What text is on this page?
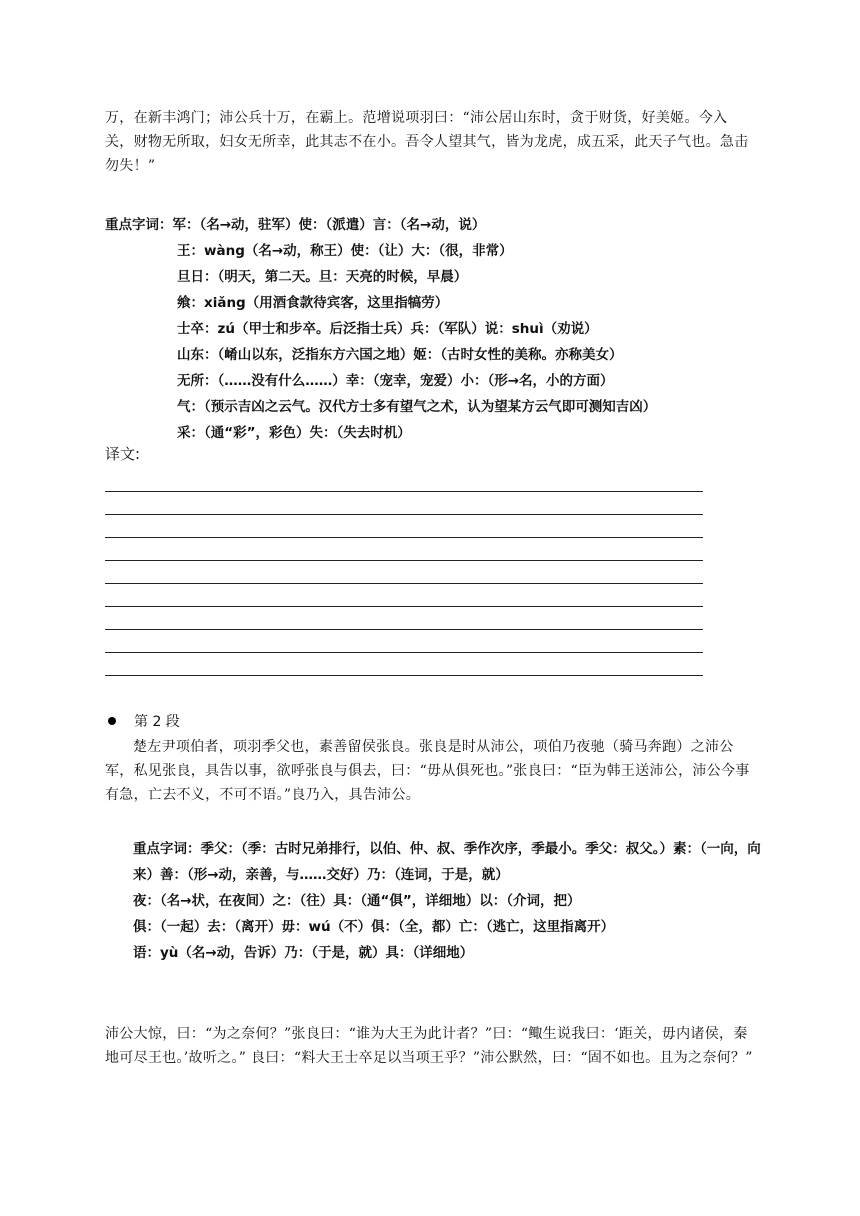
万，在新丰鸿门；沛公兵十万，在霸上。范增说项羽曰：“沛公居山东时，贪于财货，好美姬。今入关，财物无所取，妇女无所幸，此其志不在小。吾令人望其气，皆为龙虎，成五采，此天子气也。急击勿失！”
重点字词：军：（名→动，驻军）使：（派遣）言：（名→动，说）
王：wàng（名→动，称王）使：（让）大：（很，非常）
旦日：（明天，第二天。旦：天亮的时候，早晨）
飨：xiǎng（用酒食款待宾客，这里指犒劳）
士卒：zú（甲士和步卒。后泛指士兵）兵：（军队）说：shuì（劝说）
山东：（崤山以东，泛指东方六国之地）姬：（古时女性的美称。亦称美女）
无所：（……没有什么……）幸：（宠幸，宠爱）小：（形→名，小的方面）
气：（预示吉凶之云气。汉代方士多有望气之术，认为望某方云气即可测知吉凶）
采：（通“彩”，彩色）失：（失去时机）
译文:
第 2 段
楚左尹项伯者，项羽季父也，素善留侯张良。张良是时从沛公，项伯乃夜驰（骑马奔跑）之沛公军，私见张良，具告以事，欲呼张良与俱去，曰：“毋从俱死也。”张良曰：“臣为韩王送沛公，沛公今事有急，亡去不义，不可不语。”良乃入，具告沛公。
重点字词：季父：（季：古时兄弟排行，以伯、仲、叔、季作次序，季最小。季父：叔父。）素：（一向，向来）善：（形→动，亲善，与……交好）乃：（连词，于是，就）
夜：（名→状，在夜间）之：（往）具：（通“俱”，详细地）以：（介词，把）
俱：（一起）去：（离开）毋：wú（不）俱：（全，都）亡：（逃亡，这里指离开）
语：yù（名→动，告诉）乃：（于是，就）具：（详细地）
沛公大惊，曰：“为之奈何？”张良曰：“谁为大王为此计者？”曰：“鲰生说我曰：‘距关，毋内诸侯，秦地可尽王也。’故听之。” 良曰：“料大王士卒足以当项王乎？”沛公默然，曰：“固不如也。且为之奈何？”
